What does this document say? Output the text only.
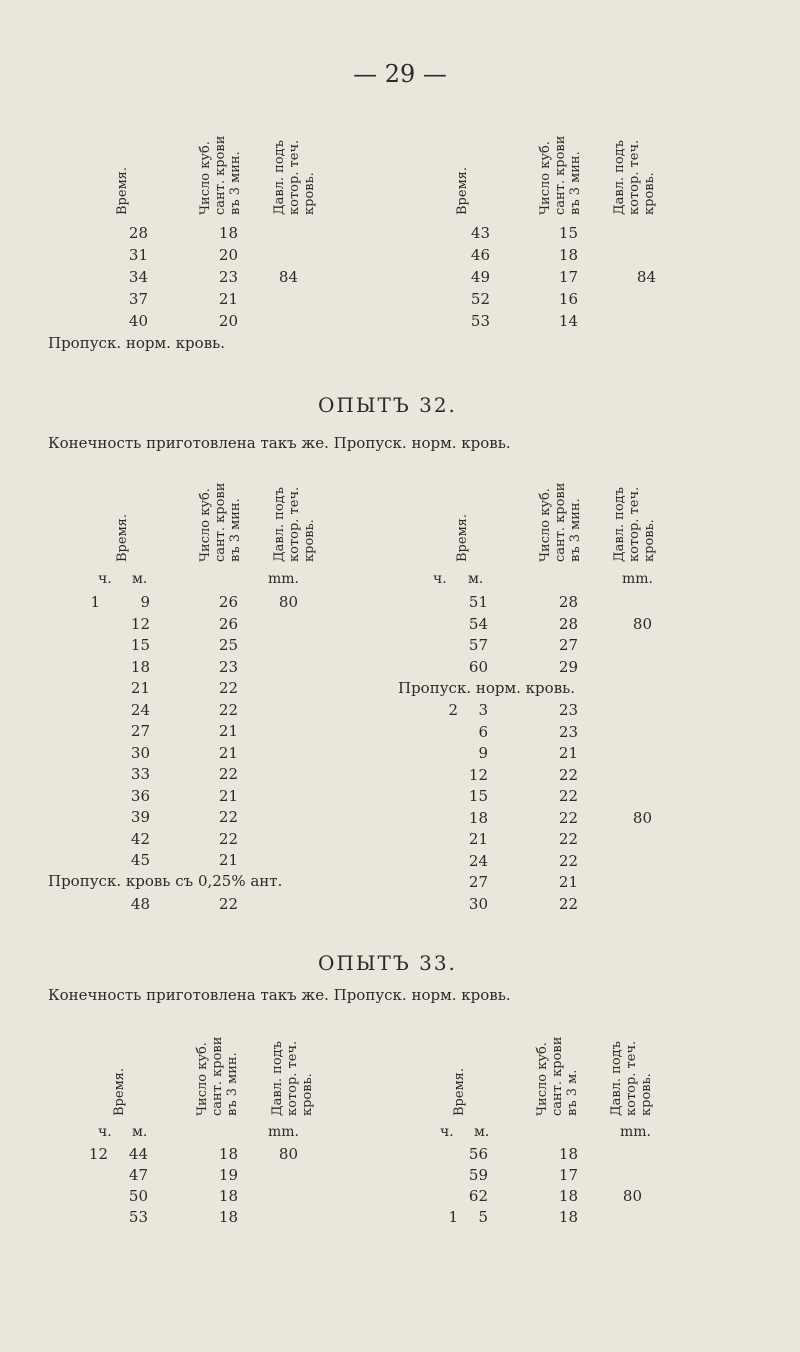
— 29 —
Время.	Число куб. сант. крови въ 3 мин. Давл. подъ котор. теч. кровь.	Время.	Число куб. сант. крови въ 3 мин. Давл. подъ котор. теч. кровь.
28	18
31	20
34	23	84
37	21
40	20
43	15
46	18
49	17	84
52	16
53	14
Пропуск. норм. кровь.
ОПЫТЪ 32.
Конечность приготовлена такъ же. Пропуск. норм. кровь.
Время.	Число куб. сант. крови въ 3 мин. Давл. подъ котор. теч. кровь.	Время.	Число куб. сант. крови въ 3 мин. Давл. подъ котор. теч. кровь.
ч. м.	mm.	ч. м.	mm.
1	9	26	80
12	26
15	25
18	23
21	22
24	22
27	21
30	21
33	22
36	21
39	22
42	22
45	21
Пропуск. кровь съ 0,25% ант.
48	22
51	28
54	28	80
57	27
60	29
Пропуск. норм. кровь.
2	3	23
6	23
9	21
12	22
15	22
18	22	80
21	22
24	22
27	21
30	22
ОПЫТЪ 33.
Конечность приготовлена такъ же. Пропуск. норм. кровь.
Время.	Число куб. сант. крови въ 3 мин. Давл. подъ котор. теч. кровь.	Время.	Число куб. сант. крови въ 3 м. Давл. подъ котор. теч. кровь.
ч. м.	mm.	ч. м.	mm.
12	44	18	80
47	19
50	18
53	18
56	18
59	17
62	18	80
1	5	18
